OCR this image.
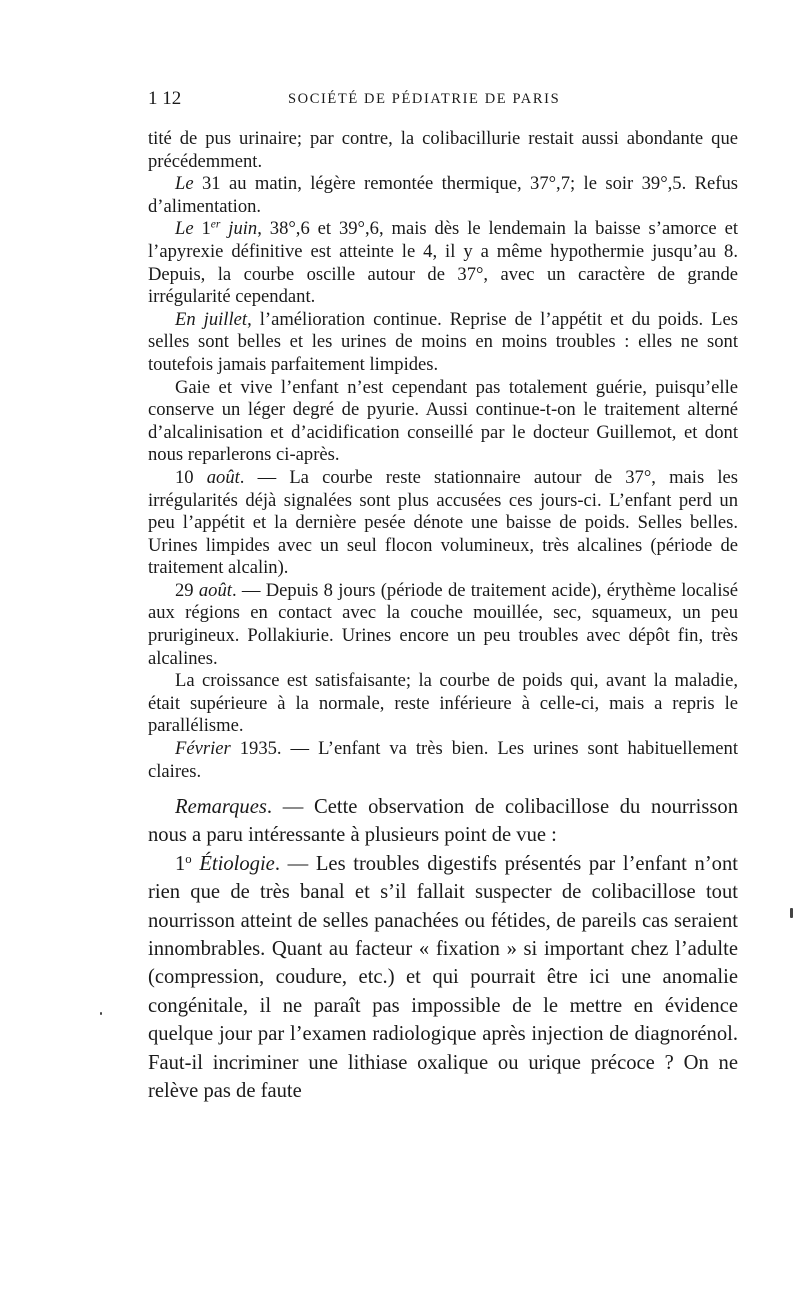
1 12	SOCIÉTÉ DE PÉDIATRIE DE PARIS

tité de pus urinaire; par contre, la colibacillurie restait aussi abondante que précédemment.

Le 31 au matin, légère remontée thermique, 37°,7; le soir 39°,5. Refus d’alimentation.

Le 1er juin, 38°,6 et 39°,6, mais dès le lendemain la baisse s’amorce et l’apyrexie définitive est atteinte le 4, il y a même hypothermie jusqu’au 8. Depuis, la courbe oscille autour de 37°, avec un caractère de grande irrégularité cependant.

En juillet, l’amélioration continue. Reprise de l’appétit et du poids. Les selles sont belles et les urines de moins en moins troubles : elles ne sont toutefois jamais parfaitement limpides.

Gaie et vive l’enfant n’est cependant pas totalement guérie, puisqu’elle conserve un léger degré de pyurie. Aussi continue-t-on le traitement alterné d’alcalinisation et d’acidification conseillé par le docteur Guillemot, et dont nous reparlerons ci-après.

10 août. — La courbe reste stationnaire autour de 37°, mais les irrégularités déjà signalées sont plus accusées ces jours-ci. L’enfant perd un peu l’appétit et la dernière pesée dénote une baisse de poids. Selles belles. Urines limpides avec un seul flocon volumineux, très alcalines (période de traitement alcalin).

29 août. — Depuis 8 jours (période de traitement acide), érythème localisé aux régions en contact avec la couche mouillée, sec, squameux, un peu prurigineux. Pollakiurie. Urines encore un peu troubles avec dépôt fin, très alcalines.

La croissance est satisfaisante; la courbe de poids qui, avant la maladie, était supérieure à la normale, reste inférieure à celle-ci, mais a repris le parallélisme.

Février 1935. — L’enfant va très bien. Les urines sont habituellement claires.

Remarques. — Cette observation de colibacillose du nourrisson nous a paru intéressante à plusieurs point de vue :

1$^o$ Étiologie. — Les troubles digestifs présentés par l’enfant n’ont rien que de très banal et s’il fallait suspecter de colibacillose tout nourrisson atteint de selles panachées ou fétides, de pareils cas seraient innombrables. Quant au facteur « fixation » si important chez l’adulte (compression, coudure, etc.) et qui pourrait être ici une anomalie congénitale, il ne paraît pas impossible de le mettre en évidence quelque jour par l’examen radiologique après injection de diagnorénol. Faut-il incriminer une lithiase oxalique ou urique précoce ? On ne relève pas de faute
